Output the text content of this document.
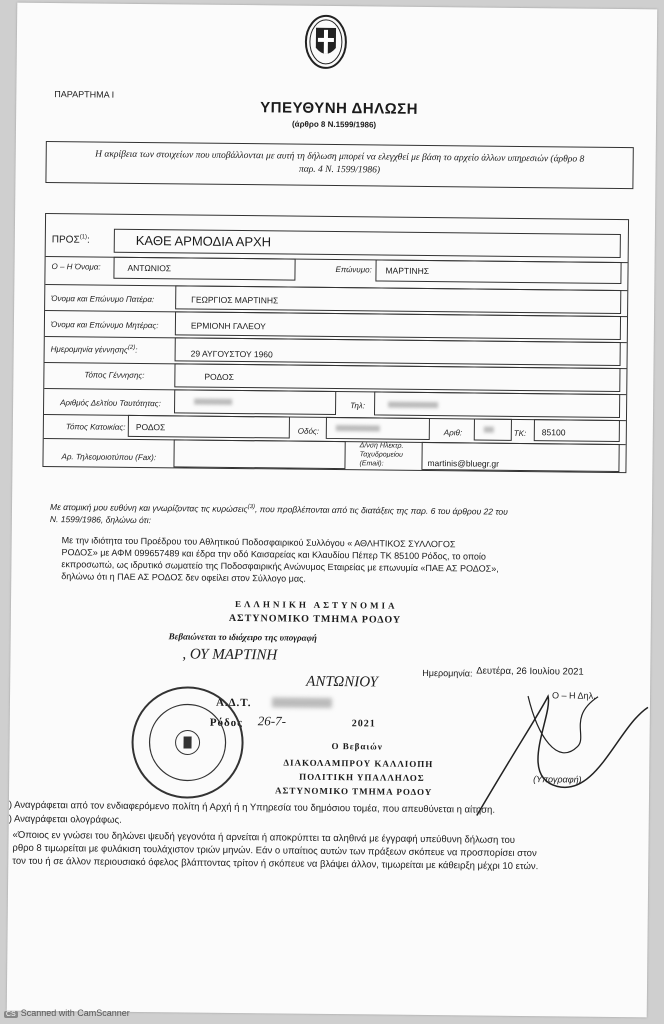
ΠΑΡΑΡΤΗΜΑ Ι
ΥΠΕΥΘΥΝΗ ΔΗΛΩΣΗ
(άρθρο 8 Ν.1599/1986)
Η ακρίβεια των στοιχείων που υποβάλλονται με αυτή τη δήλωση μπορεί να ελεγχθεί με βάση το αρχείο άλλων υπηρεσιών (άρθρο 8
παρ. 4 Ν. 1599/1986)
ΠΡΟΣ$^{(1)}$:	ΚΑΘΕ ΑΡΜΟΔΙΑ ΑΡΧΗ
Ο – Η Όνομα:	ΑΝΤΩΝΙΟΣ	Επώνυμο: ΜΑΡΤΙΝΗΣ
Όνομα και Επώνυμο Πατέρα:	ΓΕΩΡΓΙΟΣ ΜΑΡΤΙΝΗΣ
Όνομα και Επώνυμο Μητέρας:	ΕΡΜΙΟΝΗ ΓΑΛΕΟΥ
Ημερομηνία γέννησης$^{(2)}$:	29 ΑΥΓΟΥΣΤΟΥ 1960
Τόπος Γέννησης:	ΡΟΔΟΣ
Αριθμός Δελτίου Ταυτότητας:	Τηλ:
Τόπος Κατοικίας: ΡΟΔΟΣ	Οδός:	Αριθ:	ΤΚ: 85100
Αρ. Τηλεομοιοτύπου (Fax):
Δ/νση Ηλεκτρ.
Ταχυδρομείου
(Email):	martinis@bluegr.gr
Με ατομική μου ευθύνη και γνωρίζοντας τις κυρώσεις$^{(3)}$, που προβλέπονται από τις διατάξεις της παρ. 6 του άρθρου 22 του
Ν. 1599/1986, δηλώνω ότι:
Με την ιδιότητα του Προέδρου του Αθλητικού Ποδοσφαιρικού Συλλόγου « ΑΘΛΗΤΙΚΟΣ ΣΥΛΛΟΓΟΣ
ΡΟΔΟΣ» με ΑΦΜ 099657489 και έδρα την οδό Καισαρείας και Κλαυδίου Πέπερ ΤΚ 85100 Ρόδος, το οποίο
εκπροσωπώ, ως ιδρυτικό σωματείο της Ποδοσφαιρικής Ανώνυμος Εταιρείας με επωνυμία «ΠΑΕ ΑΣ ΡΟΔΟΣ»,
δηλώνω ότι η ΠΑΕ ΑΣ ΡΟΔΟΣ δεν οφείλει στον Σύλλογο μας.
ΕΛΛΗΝΙΚΗ ΑΣΤΥΝΟΜΙΑ
ΑΣΤΥΝΟΜΙΚΟ ΤΜΗΜΑ ΡΟΔΟΥ
Βεβαιώνεται το ιδιόχειρο της υπογραφή
, ΟΥ ΜΑΡΤΙΝΗ
ΑΝΤΩΝΙΟΥ
Α.Δ.Τ.
Ρόδος 26-7-	2021
Ο Βεβαιών
ΔΙΑΚΟΛΑΜΠΡΟΥ ΚΑΛΛΙΟΠΗ
ΠΟΛΙΤΙΚΗ ΥΠΑΛΛΗΛΟΣ
ΑΣΤΥΝΟΜΙΚΟ ΤΜΗΜΑ ΡΟΔΟΥ
Ημερομηνία: Δευτέρα, 26 Ιουλίου 2021
Ο – Η Δηλ.
(Υπογραφή)
) Αναγράφεται από τον ενδιαφερόμενο πολίτη ή Αρχή ή η Υπηρεσία του δημόσιου τομέα, που απευθύνεται η αίτηση.
) Αναγράφεται ολογράφως.
«Όποιος εν γνώσει του δηλώνει ψευδή γεγονότα ή αρνείται ή αποκρύπτει τα αληθινά με έγγραφή υπεύθυνη δήλωση του
ρθρο 8 τιμωρείται με φυλάκιση τουλάχιστον τριών μηνών. Εάν ο υπαίτιος αυτών των πράξεων σκόπευε να προσπορίσει στον
τον του ή σε άλλον περιουσιακό όφελος βλάπτοντας τρίτον ή σκόπευε να βλάψει άλλον, τιμωρείται με κάθειρξη μέχρι 10 ετών.
CS Scanned with CamScanner
